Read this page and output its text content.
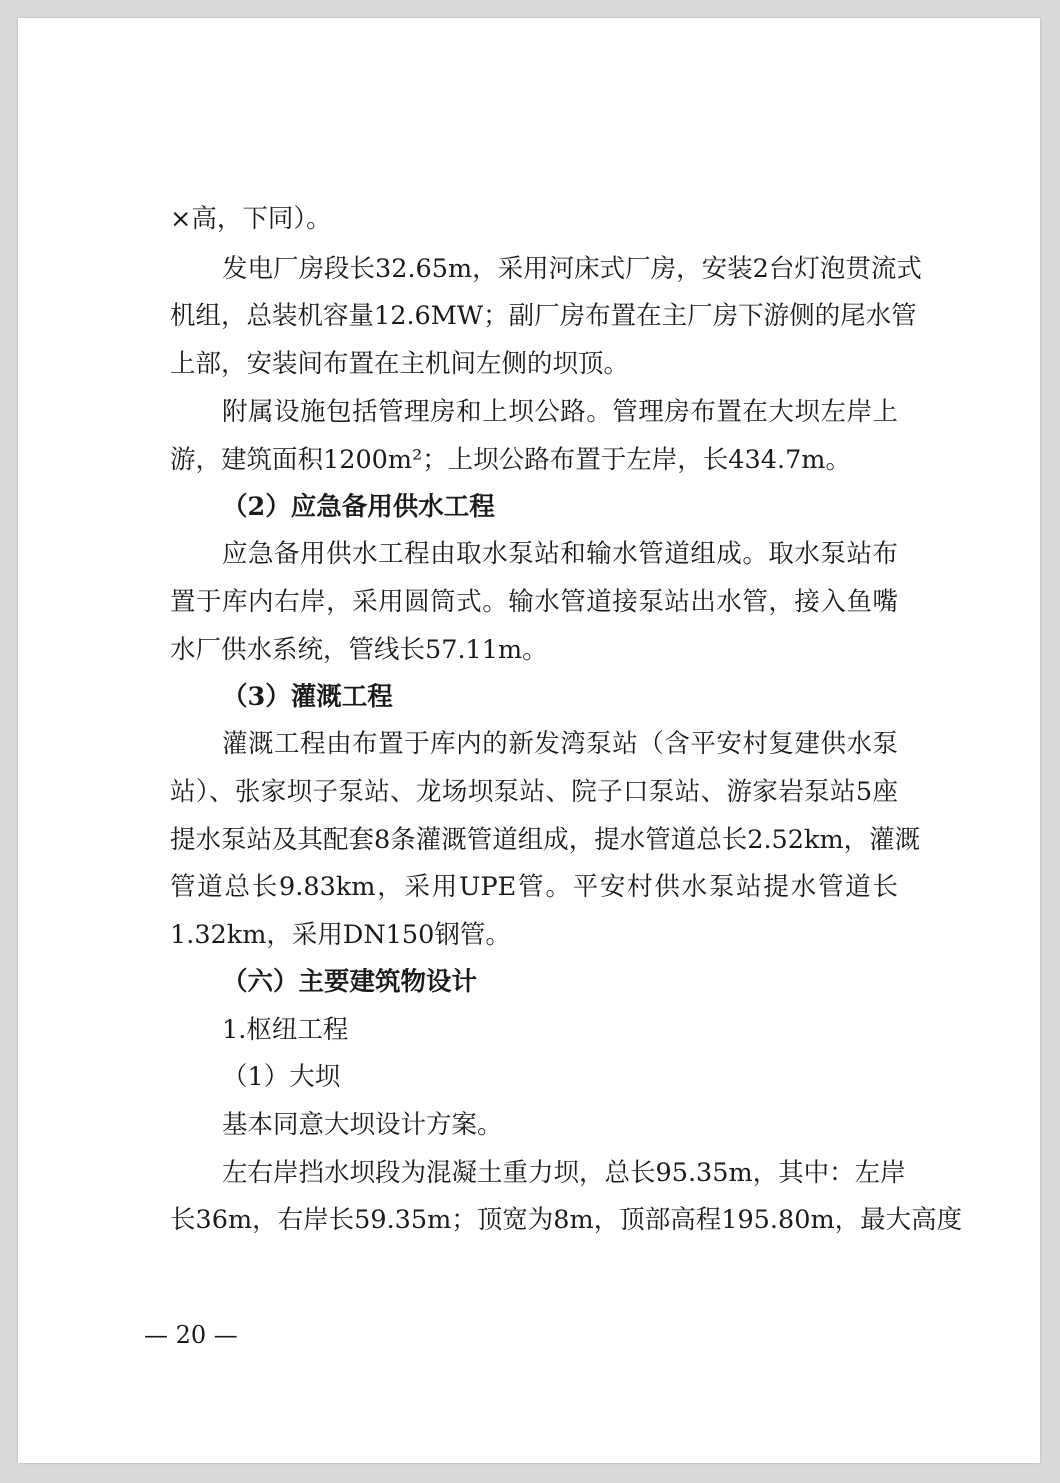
×高，下同）。
发电厂房段长32.65m，采用河床式厂房，安装2台灯泡贯流式
机组，总装机容量12.6MW；副厂房布置在主厂房下游侧的尾水管
上部，安装间布置在主机间左侧的坝顶。
附属设施包括管理房和上坝公路。管理房布置在大坝左岸上
游，建筑面积1200m²；上坝公路布置于左岸，长434.7m。
（2）应急备用供水工程
应急备用供水工程由取水泵站和输水管道组成。取水泵站布
置于库内右岸，采用圆筒式。输水管道接泵站出水管，接入鱼嘴
水厂供水系统，管线长57.11m。
（3）灌溉工程
灌溉工程由布置于库内的新发湾泵站（含平安村复建供水泵
站）、张家坝子泵站、龙场坝泵站、院子口泵站、游家岩泵站5座
提水泵站及其配套8条灌溉管道组成，提水管道总长2.52km，灌溉
管道总长9.83km，采用UPE管。平安村供水泵站提水管道长
1.32km，采用DN150钢管。
（六）主要建筑物设计
1.枢纽工程
（1）大坝
基本同意大坝设计方案。
左右岸挡水坝段为混凝土重力坝，总长95.35m，其中：左岸
长36m，右岸长59.35m；顶宽为8m，顶部高程195.80m，最大高度
— 20 —
